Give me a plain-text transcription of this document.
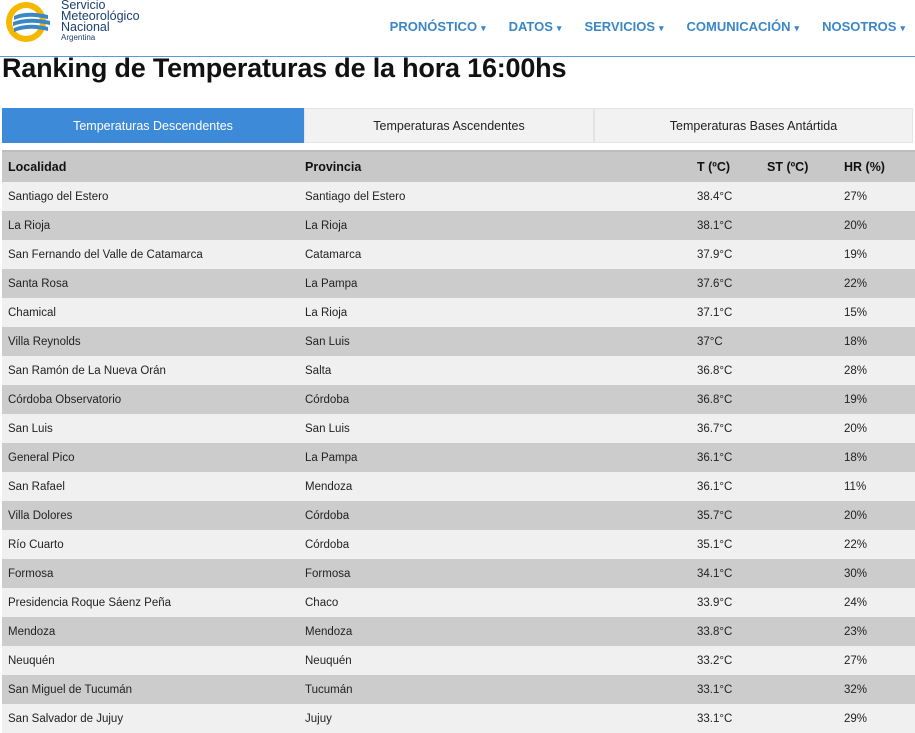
Servicio
Meteorológico
Nacional
Argentina
PRONÓSTICO ▾ DATOS ▾ SERVICIOS ▾ COMUNICACIÓN ▾ NOSOTROS ▾
Ranking de Temperaturas de la hora 16:00hs
Temperaturas Descendentes	Temperaturas Ascendentes	Temperaturas Bases Antártida
Localidad	Provincia	T (ºC)	ST (ºC)	HR (%)
Santiago del Estero	Santiago del Estero	38.4°C		27%
La Rioja	La Rioja	38.1°C		20%
San Fernando del Valle de Catamarca	Catamarca	37.9°C		19%
Santa Rosa	La Pampa	37.6°C		22%
Chamical	La Rioja	37.1°C		15%
Villa Reynolds	San Luis	37°C		18%
San Ramón de La Nueva Orán	Salta	36.8°C		28%
Córdoba Observatorio	Córdoba	36.8°C		19%
San Luis	San Luis	36.7°C		20%
General Pico	La Pampa	36.1°C		18%
San Rafael	Mendoza	36.1°C		11%
Villa Dolores	Córdoba	35.7°C		20%
Río Cuarto	Córdoba	35.1°C		22%
Formosa	Formosa	34.1°C		30%
Presidencia Roque Sáenz Peña	Chaco	33.9°C		24%
Mendoza	Mendoza	33.8°C		23%
Neuquén	Neuquén	33.2°C		27%
San Miguel de Tucumán	Tucumán	33.1°C		32%
San Salvador de Jujuy	Jujuy	33.1°C		29%
